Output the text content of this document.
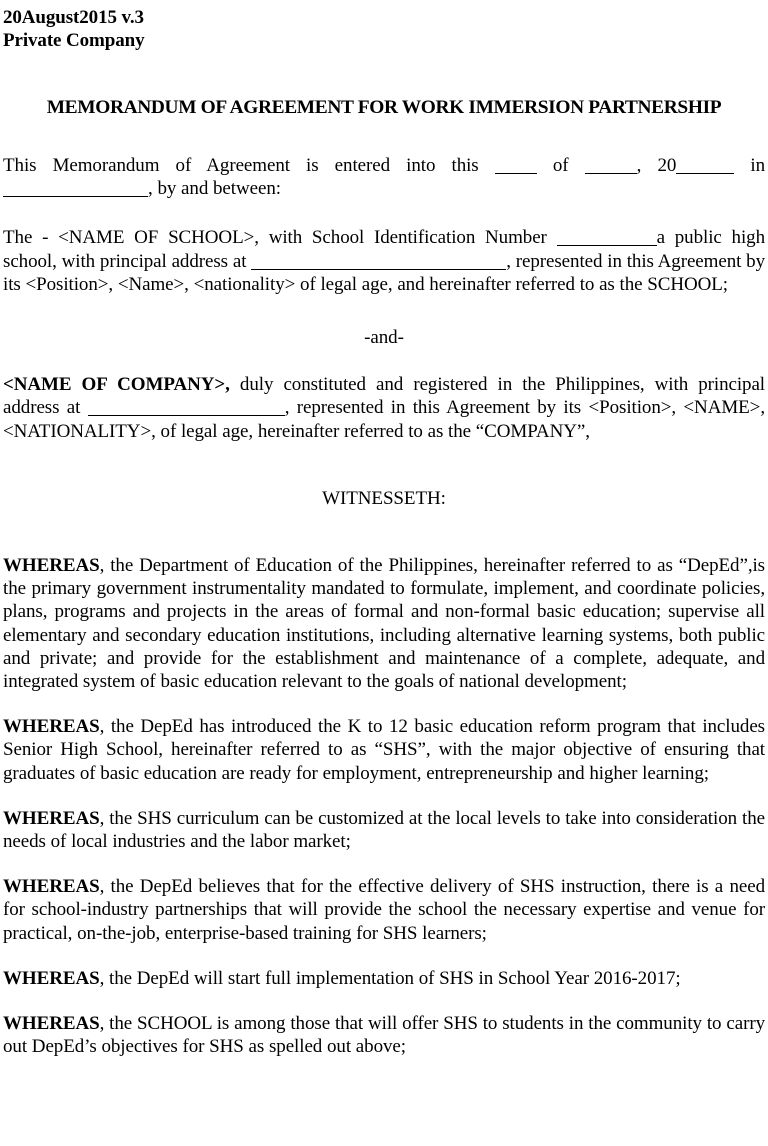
20August2015 v.3
Private Company
MEMORANDUM OF AGREEMENT FOR WORK IMMERSION PARTNERSHIP

This Memorandum of Agreement is entered into this  of	, 20	in , by and between:

The - <NAME OF SCHOOL>, with School Identification Number	a public high school, with principal address at	, represented in this Agreement by its <Position>, <Name>, <nationality> of legal age, and hereinafter referred to as the SCHOOL;

-and-

<NAME OF COMPANY>, duly constituted and registered in the Philippines, with principal address at	, represented in this Agreement by its <Position>, <NAME>, <NATIONALITY>, of legal age, hereinafter referred to as the “COMPANY”,

WITNESSETH:

WHEREAS, the Department of Education of the Philippines, hereinafter referred to as “DepEd”,is the primary government instrumentality mandated to formulate, implement, and coordinate policies, plans, programs and projects in the areas of formal and non-formal basic education; supervise all elementary and secondary education institutions, including alternative learning systems, both public and private; and provide for the establishment and maintenance of a complete, adequate, and integrated system of basic education relevant to the goals of national development;

WHEREAS, the DepEd has introduced the K to 12 basic education reform program that includes Senior High School, hereinafter referred to as “SHS”, with the major objective of ensuring that graduates of basic education are ready for employment, entrepreneurship and higher learning;

WHEREAS, the SHS curriculum can be customized at the local levels to take into consideration the needs of local industries and the labor market;

WHEREAS, the DepEd believes that for the effective delivery of SHS instruction, there is a need for school-industry partnerships that will provide the school the necessary expertise and venue for practical, on-the-job, enterprise-based training for SHS learners;

WHEREAS, the DepEd will start full implementation of SHS in School Year 2016-2017;

WHEREAS, the SCHOOL is among those that will offer SHS to students in the community to carry out DepEd’s objectives for SHS as spelled out above;
